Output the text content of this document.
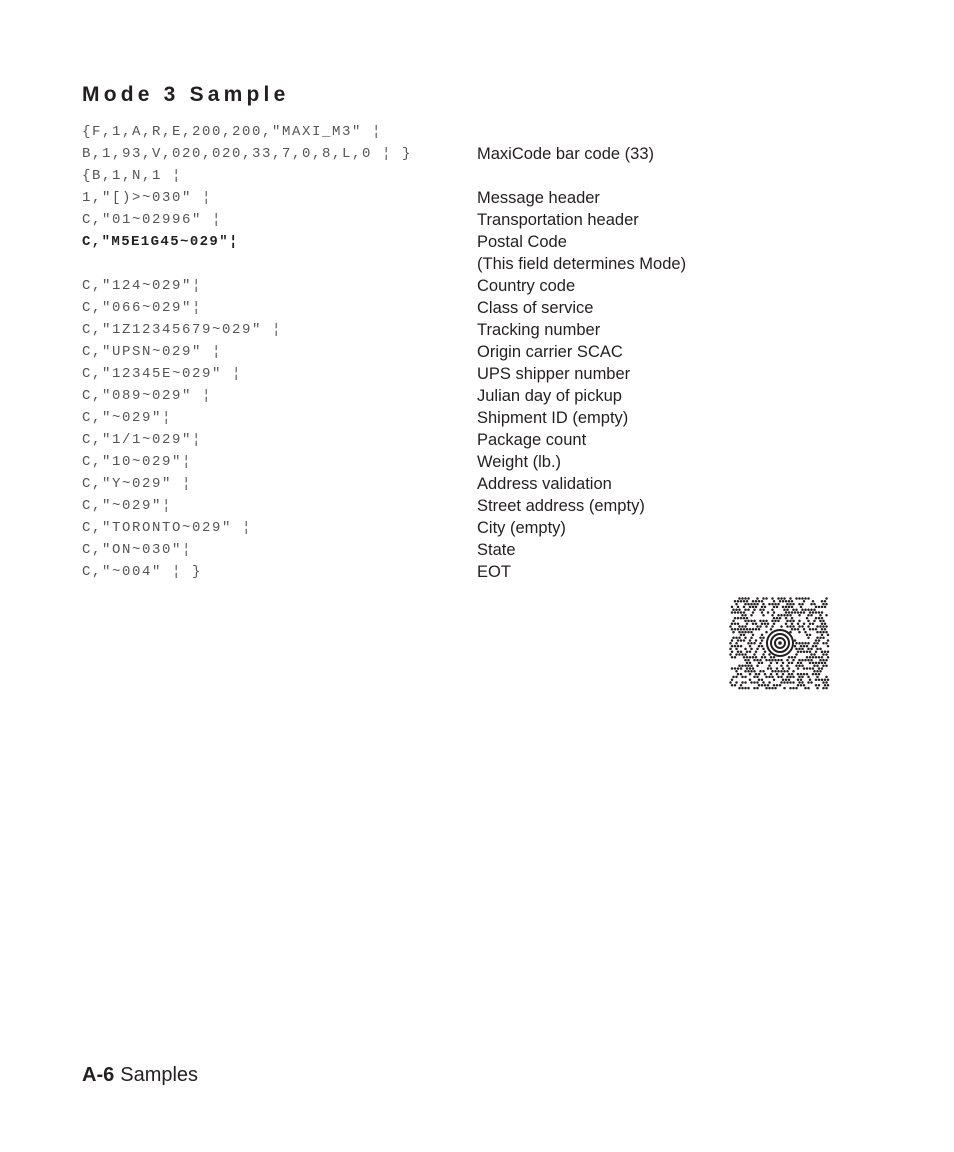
Mode 3 Sample
{F,1,A,R,E,200,200,"MAXI_M3" ¦
B,1,93,V,020,020,33,7,0,8,L,0 ¦ }	MaxiCode bar code (33)
{B,1,N,1 ¦
1,"[)>~030" ¦	Message header
C,"01~02996" ¦	Transportation header
C,"M5E1G45~029"¦	Postal Code
(This field determines Mode)
C,"124~029"¦	Country code
C,"066~029"¦	Class of service
C,"1Z12345679~029" ¦	Tracking number
C,"UPSN~029" ¦	Origin carrier SCAC
C,"12345E~029" ¦	UPS shipper number
C,"089~029" ¦	Julian day of pickup
C,"~029"¦	Shipment ID (empty)
C,"1/1~029"¦	Package count
C,"10~029"¦	Weight (lb.)
C,"Y~029" ¦	Address validation
C,"~029"¦	Street address (empty)
C,"TORONTO~029" ¦	City (empty)
C,"ON~030"¦	State
C,"~004" ¦ }	EOT
A-6 Samples
